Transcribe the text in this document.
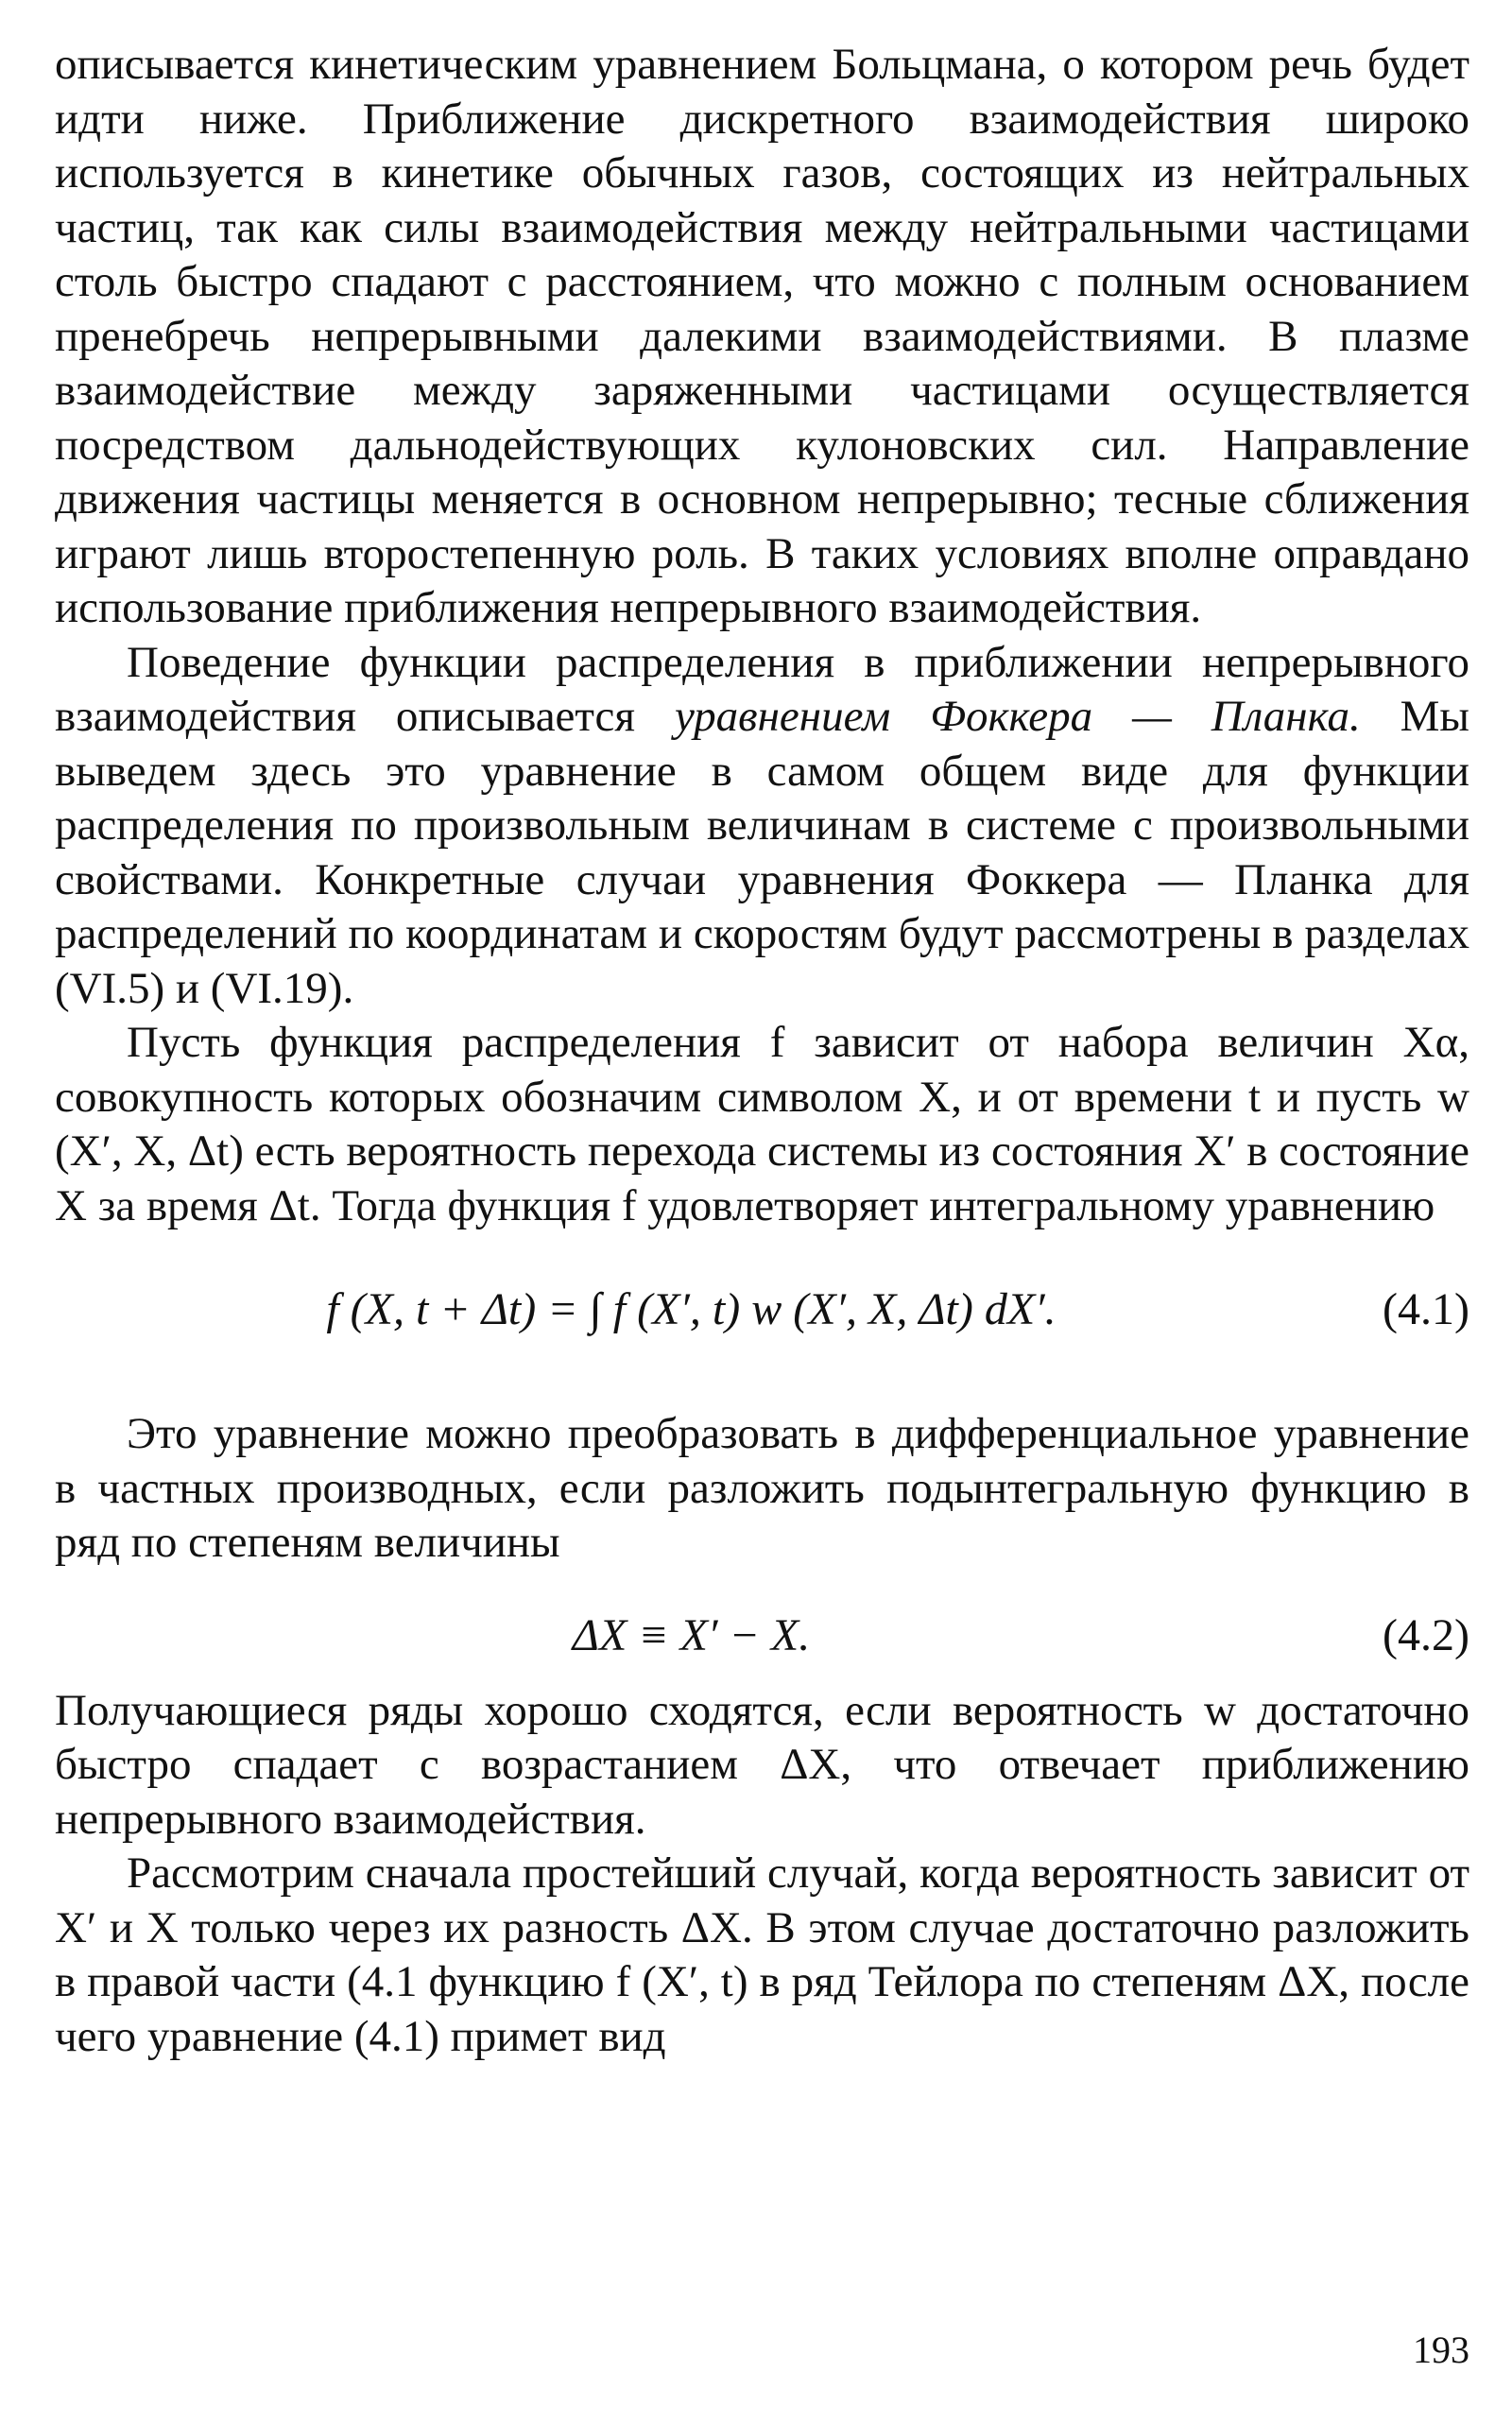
описывается кинетическим уравнением Больцмана, о котором речь будет идти ниже. Приближение дискретного взаимодействия широко используется в кинетике обычных газов, состоящих из нейтральных частиц, так как силы взаимодействия между нейтральными частицами столь быстро спадают с расстоянием, что можно с полным основанием пренебречь непрерывными далекими взаимодействиями. В плазме взаимодействие между заряженными частицами осуществляется посредством дальнодействующих кулоновских сил. Направление движения частицы меняется в основном непрерывно; тесные сближения играют лишь второстепенную роль. В таких условиях вполне оправдано использование приближения непрерывного взаимодействия.

Поведение функции распределения в приближении непрерывного взаимодействия описывается уравнением Фоккера — Планка. Мы выведем здесь это уравнение в самом общем виде для функции распределения по произвольным величинам в системе с произвольными свойствами. Конкретные случаи уравнения Фоккера — Планка для распределений по координатам и скоростям будут рассмотрены в разделах (VI.5) и (VI.19).

Пусть функция распределения f зависит от набора величин Xα, совокупность которых обозначим символом X, и от времени t и пусть w (X′, X, Δt) есть вероятность перехода системы из состояния X′ в состояние X за время Δt. Тогда функция f удовлетворяет интегральному уравнению

f (X, t + Δt) = ∫ f (X′, t) w (X′, X, Δt) dX′.	(4.1)

Это уравнение можно преобразовать в дифференциальное уравнение в частных производных, если разложить подынтегральную функцию в ряд по степеням величины

ΔX ≡ X′ − X.	(4.2)

Получающиеся ряды хорошо сходятся, если вероятность w достаточно быстро спадает с возрастанием ΔX, что отвечает приближению непрерывного взаимодействия.

Рассмотрим сначала простейший случай, когда вероятность зависит от X′ и X только через их разность ΔX. В этом случае достаточно разложить в правой части (4.1 функцию f (X′, t) в ряд Тейлора по степеням ΔX, после чего уравнение (4.1) примет вид

193
